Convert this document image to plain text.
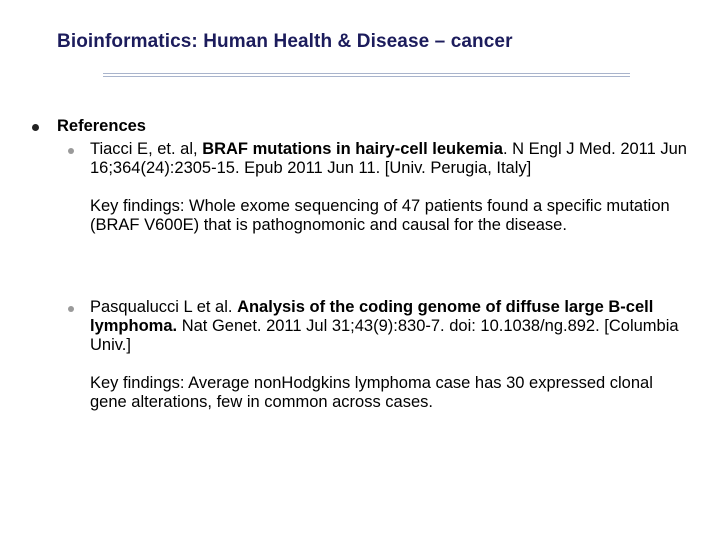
Bioinformatics: Human Health & Disease – cancer
References

Tiacci E, et. al, BRAF mutations in hairy-cell leukemia. N Engl J Med. 2011 Jun 16;364(24):2305-15. Epub 2011 Jun 11. [Univ. Perugia, Italy]

Key findings: Whole exome sequencing of 47 patients found a specific mutation (BRAF V600E) that is pathognomonic and causal for the disease.

Pasqualucci L et al. Analysis of the coding genome of diffuse large B-cell lymphoma. Nat Genet. 2011 Jul 31;43(9):830-7. doi: 10.1038/ng.892. [Columbia Univ.]

Key findings: Average nonHodgkins lymphoma case has 30 expressed clonal gene alterations, few in common across cases.
